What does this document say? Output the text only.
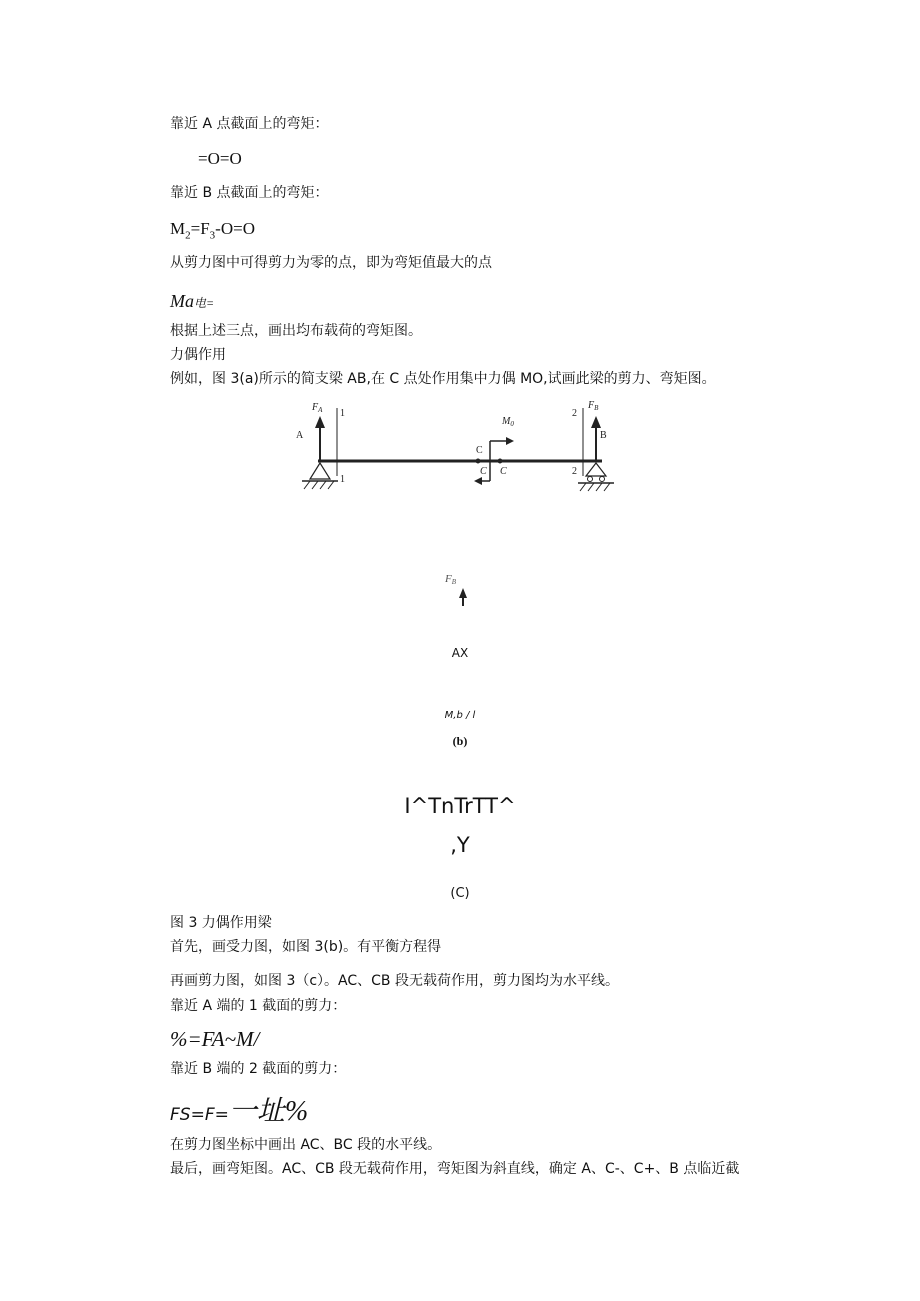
靠近 A 点截面上的弯矩：
=O=O
靠近 B 点截面上的弯矩：
$M_2=F_3-O=O$
从剪力图中可得剪力为零的点，即为弯矩值最大的点
Ma电=
根据上述三点，画出均布载荷的弯矩图。
力偶作用
例如，图 3(a)所示的简支梁 AB,在 C 点处作用集中力偶 MO,试画此梁的剪力、弯矩图。
A	B
C
$F_A$	$F_B$
$M_0$
C C
1
1
2
2
FB
AX
M,b / l
(b)
I^TnTrTT^
,Y
(C)
图 3 力偶作用梁
首先，画受力图，如图 3(b)。有平衡方程得
再画剪力图，如图 3（c）。AC、CB 段无载荷作用，剪力图均为水平线。
靠近 A 端的 1 截面的剪力：
%=FA~M/
靠近 B 端的 2 截面的剪力：
FS=F=一址%
在剪力图坐标中画出 AC、BC 段的水平线。
最后，画弯矩图。AC、CB 段无载荷作用，弯矩图为斜直线，确定 A、C-、C+、B 点临近截
